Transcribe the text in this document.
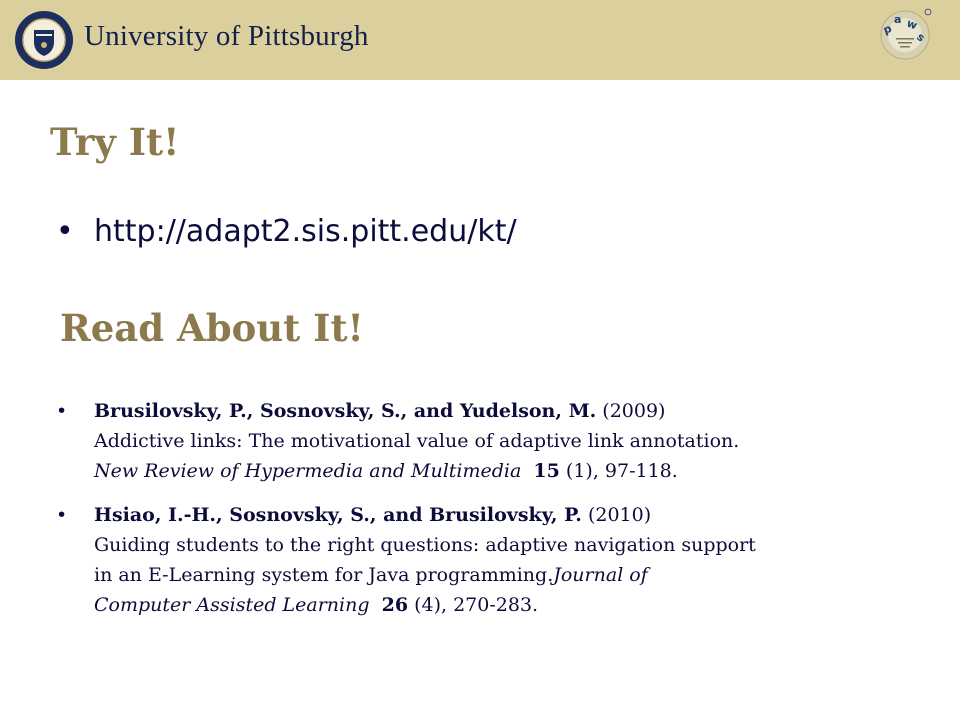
University of Pittsburgh	p
a w
s
Try It!
• http://adapt2.sis.pitt.edu/kt/
Read About It!
• Brusilovsky, P., Sosnovsky, S., and Yudelson, M. (2009)
Addictive links: The motivational value of adaptive link annotation.
New Review of Hypermedia and Multimedia 15 (1), 97-118.
• Hsiao, I.-H., Sosnovsky, S., and Brusilovsky, P. (2010)
Guiding students to the right questions: adaptive navigation support
in an E-Learning system for Java programming.Journal of
Computer Assisted Learning 26 (4), 270-283.
